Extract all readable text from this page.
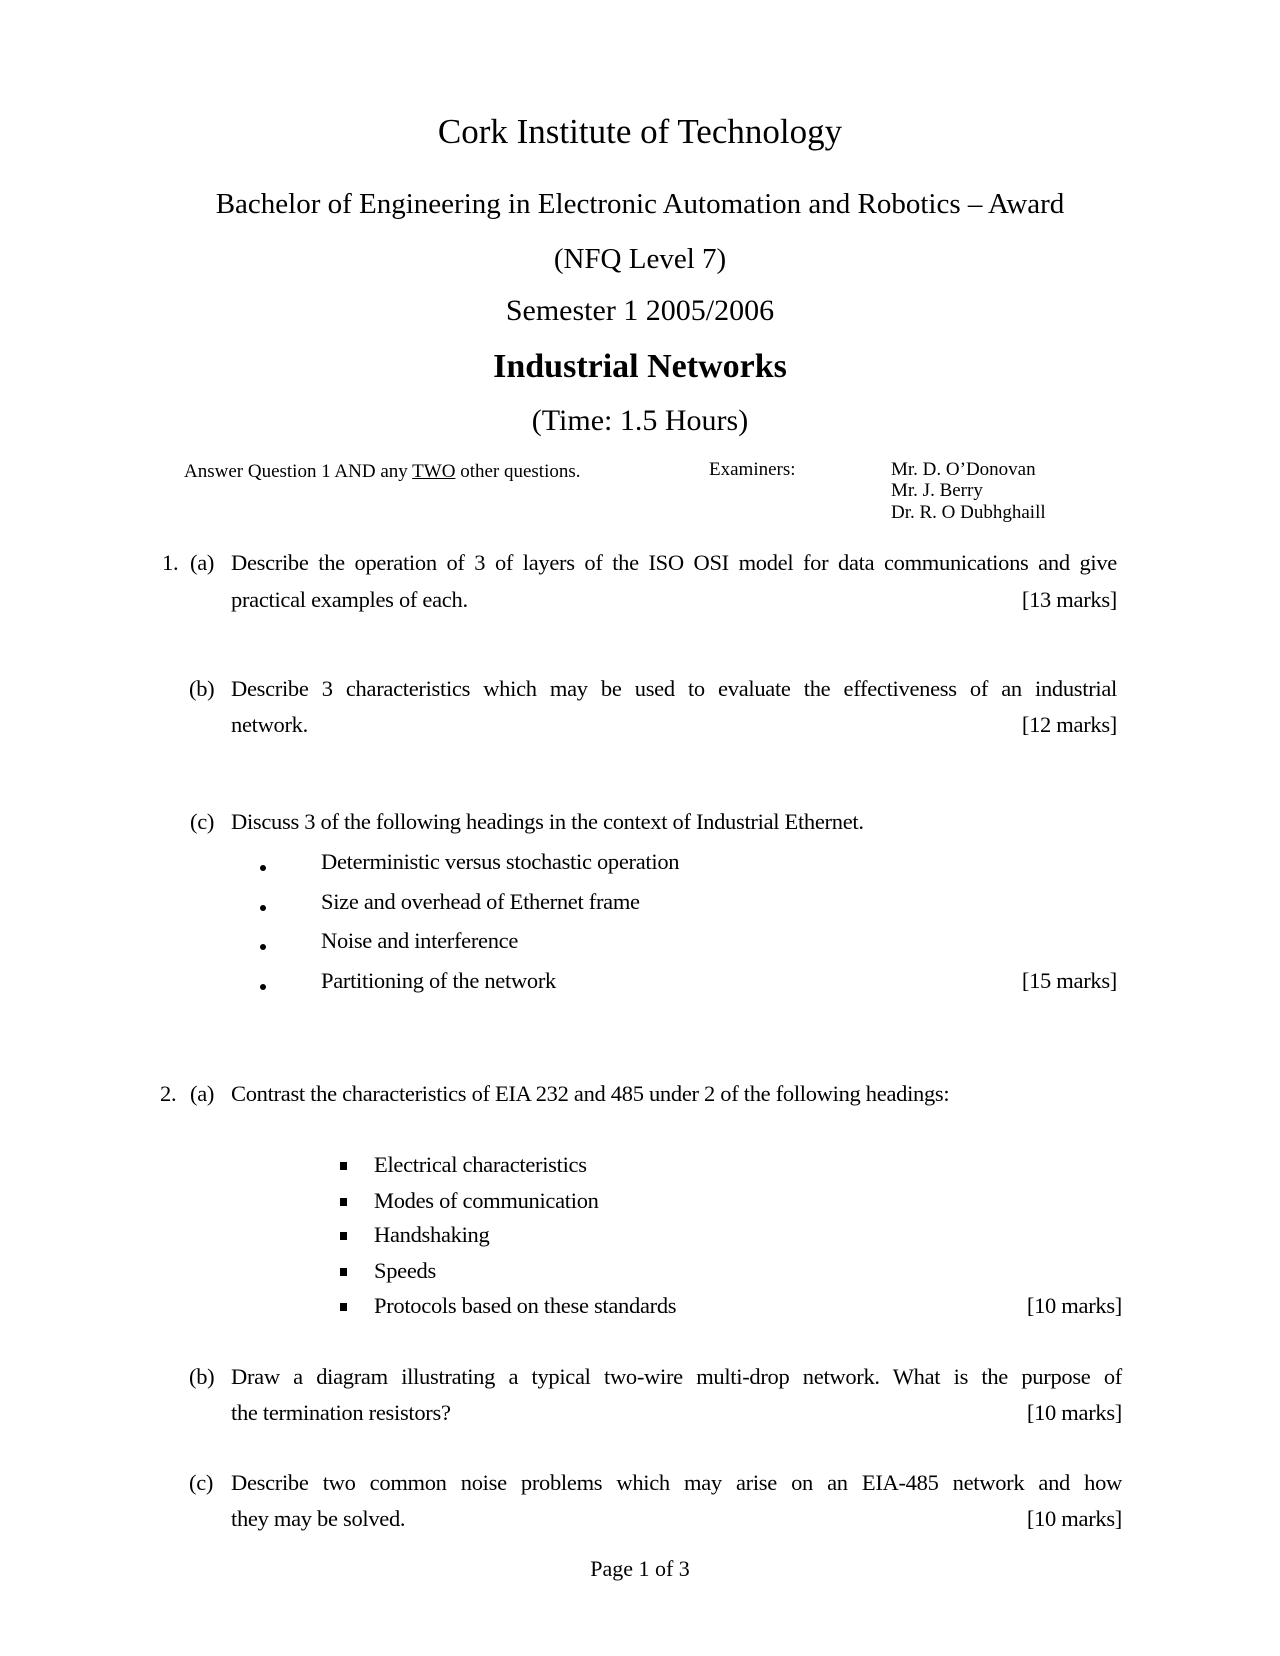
Cork Institute of Technology
Bachelor of Engineering in Electronic Automation and Robotics – Award
(NFQ Level 7)
Semester 1 2005/2006
Industrial Networks
(Time: 1.5 Hours)
Answer Question 1 AND any TWO other questions.	Examiners:	Mr. D. O’Donovan
Mr. J. Berry
Dr. R. O Dubhghaill
1. (a) Describe the operation of 3 of layers of the ISO OSI model for data communications and give
practical examples of each.	[13 marks]
(b) Describe 3 characteristics which may be used to evaluate the effectiveness of an industrial
network.	[12 marks]
(c) Discuss 3 of the following headings in the context of Industrial Ethernet.
Deterministic versus stochastic operation
Size and overhead of Ethernet frame
Noise and interference
Partitioning of the network	[15 marks]
2. (a) Contrast the characteristics of EIA 232 and 485 under 2 of the following headings:
Electrical characteristics
Modes of communication
Handshaking
Speeds
Protocols based on these standards	[10 marks]
(b) Draw a diagram illustrating a typical two-wire multi-drop network. What is the purpose of
the termination resistors?	[10 marks]
(c) Describe two common noise problems which may arise on an EIA-485 network and how
they may be solved.	[10 marks]
Page 1 of 3
